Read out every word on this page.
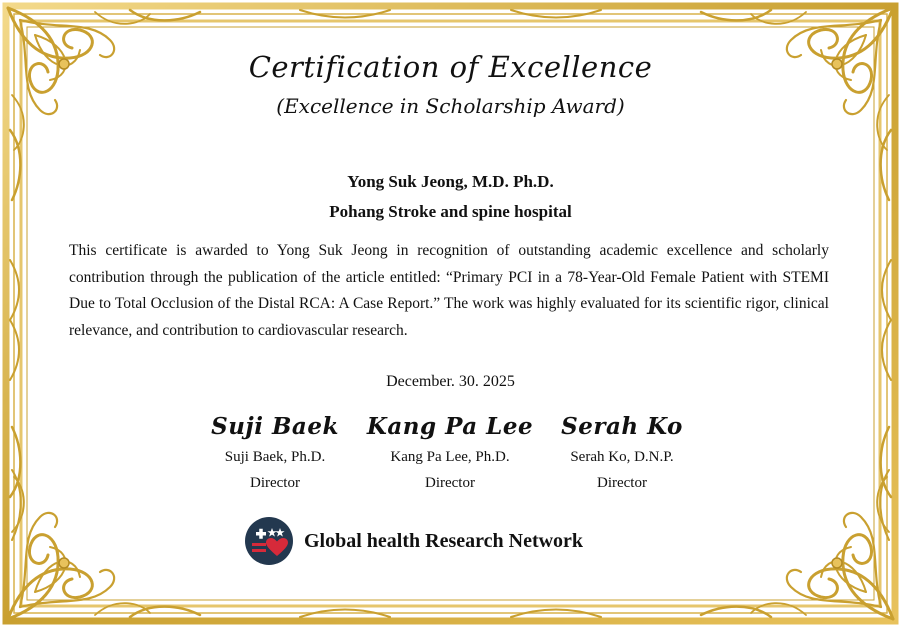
Certification of Excellence
(Excellence in Scholarship Award)
Yong Suk Jeong, M.D. Ph.D.
Pohang Stroke and spine hospital
This certificate is awarded to Yong Suk Jeong in recognition of outstanding academic excellence and scholarly contribution through the publication of the article entitled: “Primary PCI in a 78-Year-Old Female Patient with STEMI Due to Total Occlusion of the Distal RCA: A Case Report.” The work was highly evaluated for its scientific rigor, clinical relevance, and contribution to cardiovascular research.
December. 30. 2025
Suji Baek
Suji Baek, Ph.D.
Director
Kang Pa Lee
Kang Pa Lee, Ph.D.
Director
Serah Ko
Serah Ko, D.N.P.
Director
Global health Research Network
